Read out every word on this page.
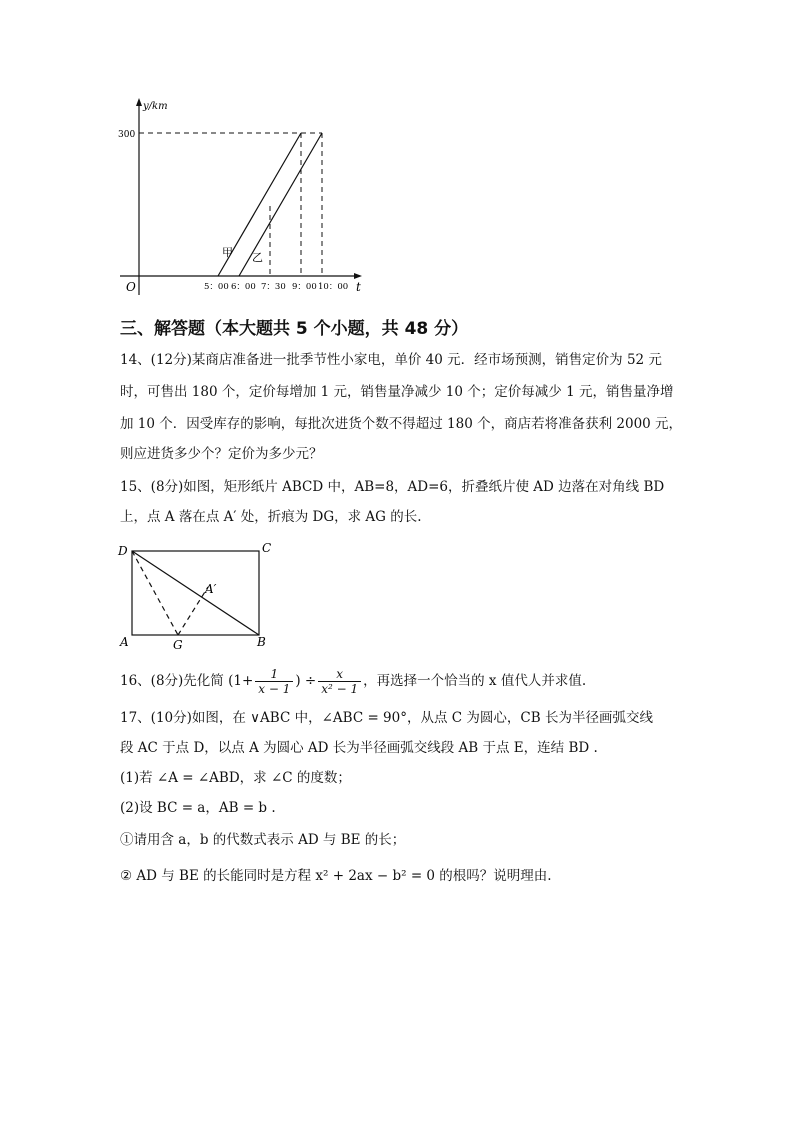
y/km
300
O	t
5：00 6：00 7：30 9：00 10：00
甲 乙
三、解答题（本大题共 5 个小题，共 48 分）
14、(12分)某商店准备进一批季节性小家电，单价 40 元．经市场预测，销售定价为 52 元
时，可售出 180 个，定价每增加 1 元，销售量净减少 10 个；定价每减少 1 元，销售量净增
加 10 个．因受库存的影响，每批次进货个数不得超过 180 个，商店若将准备获利 2000 元，
则应进货多少个？定价为多少元？
15、(8分)如图，矩形纸片 ABCD 中，AB=8，AD=6，折叠纸片使 AD 边落在对角线 BD
上，点 A 落在点 A′ 处，折痕为 DG，求 AG 的长.
D	C
A	B
G
A′
16、(8分)先化简 ($1+ \frac{1}{x - 1}$ ) ÷ $\frac{x}{\text{x² − 1}}$ ，再选择一个恰当的 x 值代人并求值.
17、(10分)如图，在 ∨ABC 中，∠ABC = 90°，从点 C 为圆心，CB 长为半径画弧交线
段 AC 于点 D，以点 A 为圆心 AD 长为半径画弧交线段 AB 于点 E，连结 BD .
(1)若 ∠A = ∠ABD，求 ∠C 的度数；
(2)设 BC = a，AB = b .
①请用含 a，b 的代数式表示 AD 与 BE 的长；
② AD 与 BE 的长能同时是方程 x² + 2ax − b² = 0 的根吗？说明理由.
